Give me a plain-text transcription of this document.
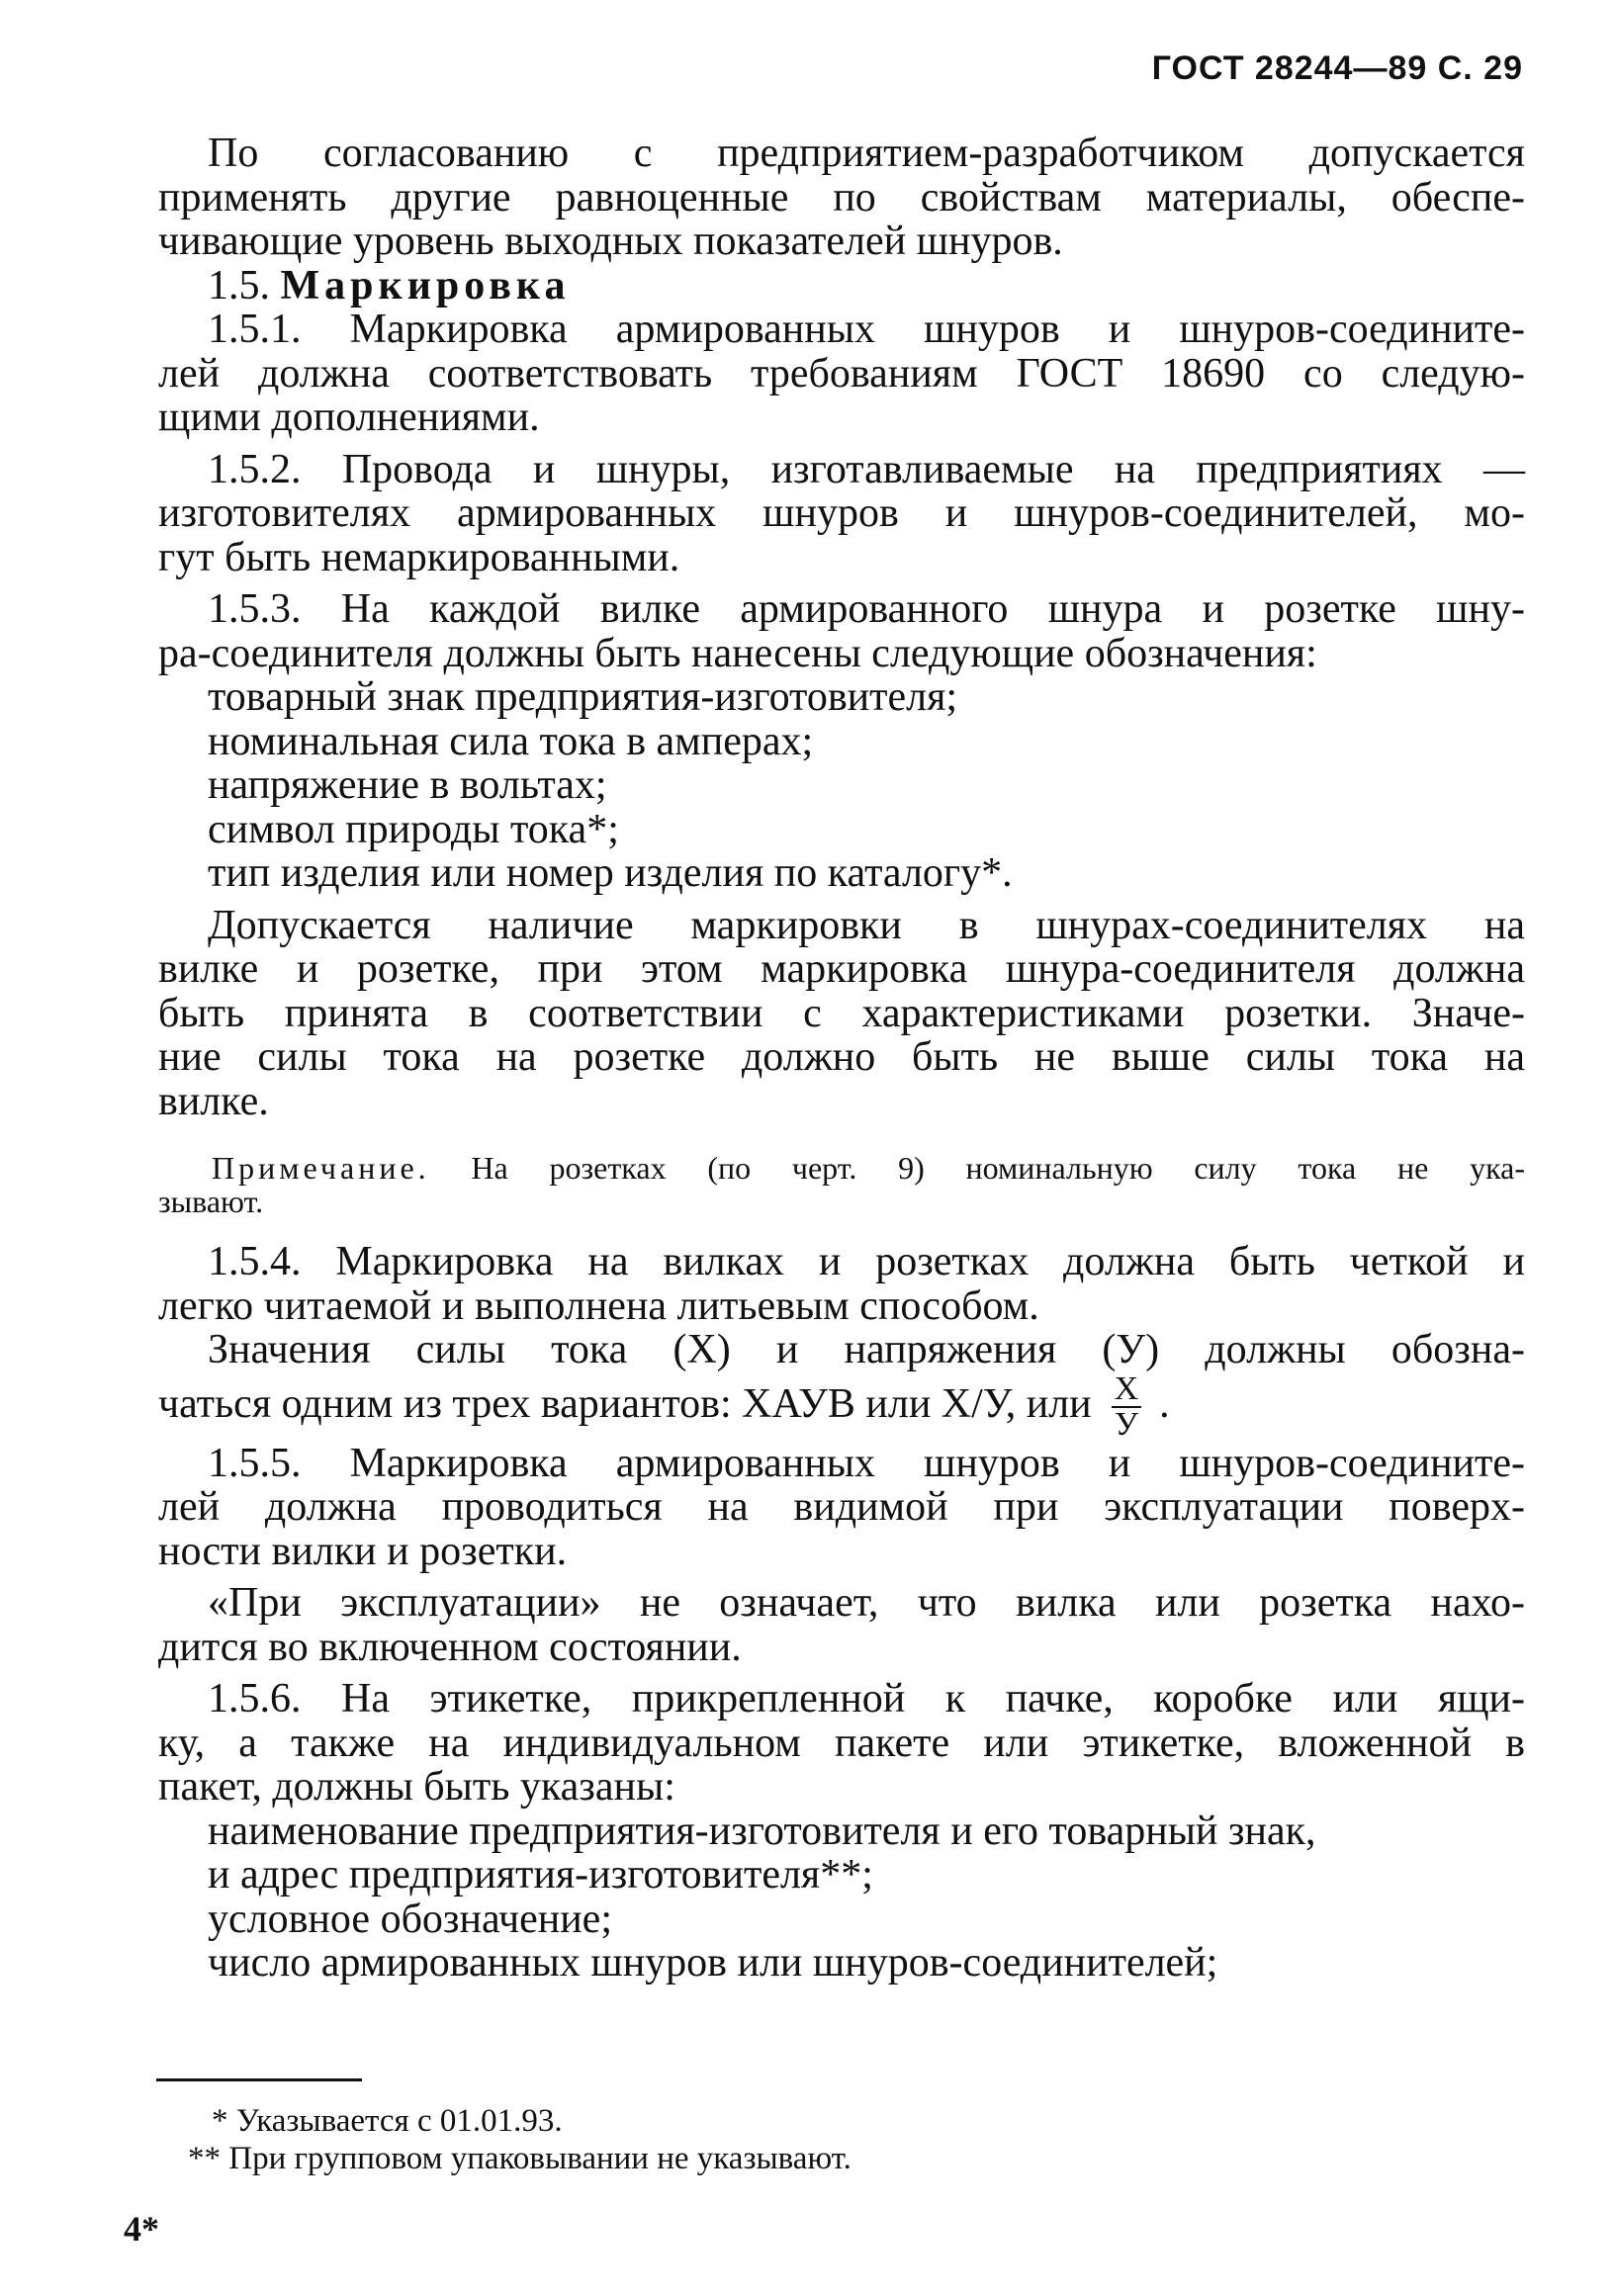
ГОСТ 28244—89 С. 29

По согласованию с предприятием-разработчиком допускается

применять другие равноценные по свойствам материалы, обеспе-

чивающие уровень выходных показателей шнуров.

1.5. Маркировка

1.5.1. Маркировка армированных шнуров и шнуров-соедините-

лей должна соответствовать требованиям ГОСТ 18690 со следую-

щими дополнениями.

1.5.2. Провода и шнуры, изготавливаемые на предприятиях —

изготовителях армированных шнуров и шнуров-соединителей, мо-

гут быть немаркированными.

1.5.3. На каждой вилке армированного шнура и розетке шну-

ра-соединителя должны быть нанесены следующие обозначения:

товарный знак предприятия-изготовителя;

номинальная сила тока в амперах;

напряжение в вольтах;

символ природы тока*;

тип изделия или номер изделия по каталогу*.

Допускается наличие маркировки в шнурах-соединителях на

вилке и розетке, при этом маркировка шнура-соединителя должна

быть принята в соответствии с характеристиками розетки. Значе-

ние силы тока на розетке должно быть не выше силы тока на

вилке.

Примечание. На розетках (по черт. 9) номинальную силу тока не ука-

зывают.

1.5.4. Маркировка на вилках и розетках должна быть четкой и

легко читаемой и выполнена литьевым способом.

Значения силы тока (X) и напряжения (У) должны обозна-

чаться одним из трех вариантов: ХАУВ или Х/У, или $\frac{X}{У}$ .

1.5.5. Маркировка армированных шнуров и шнуров-соедините-

лей должна проводиться на видимой при эксплуатации поверх-

ности вилки и розетки.

«При эксплуатации» не означает, что вилка или розетка нахо-

дится во включенном состоянии.

1.5.6. На этикетке, прикрепленной к пачке, коробке или ящи-

ку, а также на индивидуальном пакете или этикетке, вложенной в

пакет, должны быть указаны:

наименование предприятия-изготовителя и его товарный знак,

и адрес предприятия-изготовителя**;

условное обозначение;

число армированных шнуров или шнуров-соединителей;

* Указывается с 01.01.93.

** При групповом упаковывании не указывают.

4*
